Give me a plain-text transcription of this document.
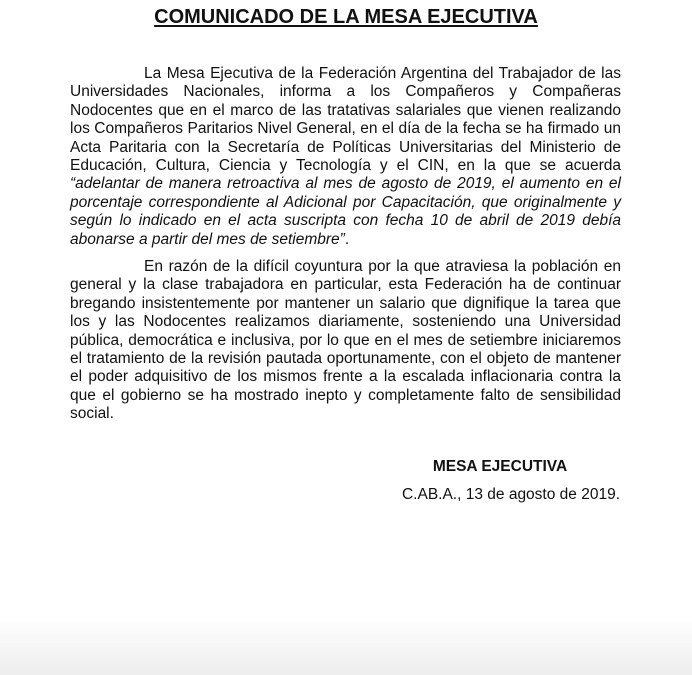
COMUNICADO DE LA MESA EJECUTIVA

La Mesa Ejecutiva de la Federación Argentina del Trabajador de las Universidades Nacionales, informa a los Compañeros y Compañeras Nodocentes que en el marco de las tratativas salariales que vienen realizando los Compañeros Paritarios Nivel General, en el día de la fecha se ha firmado un Acta Paritaria con la Secretaría de Políticas Universitarias del Ministerio de Educación, Cultura, Ciencia y Tecnología y el CIN, en la que se acuerda “adelantar de manera retroactiva al mes de agosto de 2019, el aumento en el porcentaje correspondiente al Adicional por Capacitación, que originalmente y según lo indicado en el acta suscripta con fecha 10 de abril de 2019 debía abonarse a partir del mes de setiembre”.

En razón de la difícil coyuntura por la que atraviesa la población en general y la clase trabajadora en particular, esta Federación ha de continuar bregando insistentemente por mantener un salario que dignifique la tarea que los y las Nodocentes realizamos diariamente, sosteniendo una Universidad pública, democrática e inclusiva, por lo que en el mes de setiembre iniciaremos el tratamiento de la revisión pautada oportunamente, con el objeto de mantener el poder adquisitivo de los mismos frente a la escalada inflacionaria contra la que el gobierno se ha mostrado inepto y completamente falto de sensibilidad social.

MESA EJECUTIVA
C.AB.A., 13 de agosto de 2019.
